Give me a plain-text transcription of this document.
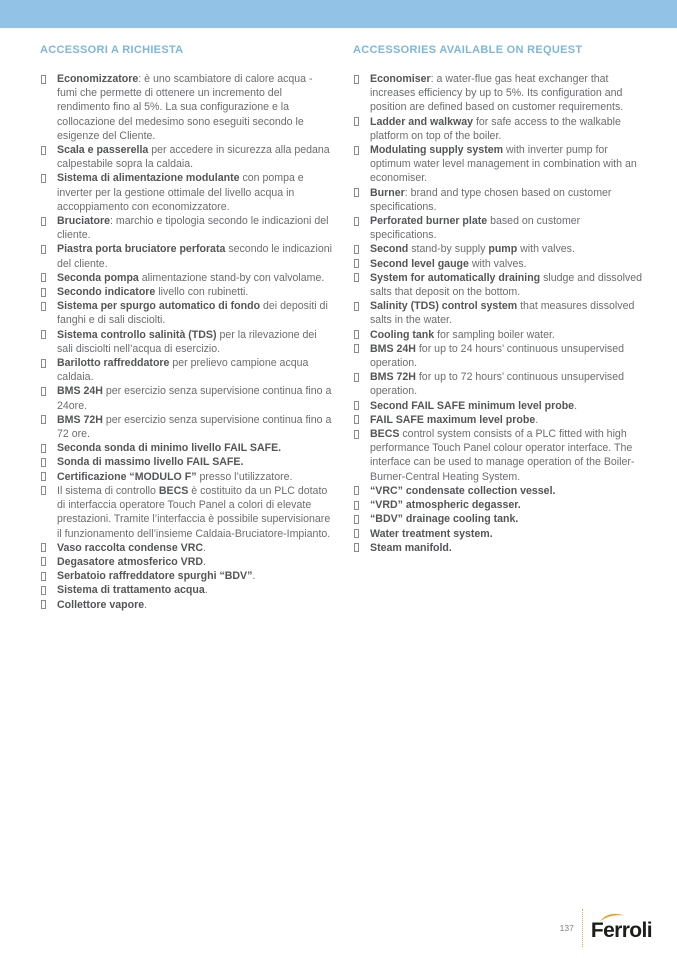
ACCESSORI A RICHIESTA
Economizzatore: è uno scambiatore di calore acqua - fumi che permette di ottenere un incremento del rendimento fino al 5%. La sua configurazione e la collocazione del medesimo sono eseguiti secondo le esigenze del Cliente.
Scala e passerella per accedere in sicurezza alla pedana calpestabile sopra la caldaia.
Sistema di alimentazione modulante con pompa e inverter per la gestione ottimale del livello acqua in accoppiamento con economizzatore.
Bruciatore: marchio e tipologia secondo le indicazioni del cliente.
Piastra porta bruciatore perforata secondo le indicazioni del cliente.
Seconda pompa alimentazione stand-by con valvolame.
Secondo indicatore livello con rubinetti.
Sistema per spurgo automatico di fondo dei depositi di fanghi e di sali disciolti.
Sistema controllo salinità (TDS) per la rilevazione dei sali disciolti nell’acqua di esercizio.
Barilotto raffreddatore per prelievo campione acqua caldaia.
BMS 24H per esercizio senza supervisione continua fino a 24ore.
BMS 72H per esercizio senza supervisione continua fino a 72 ore.
Seconda sonda di minimo livello FAIL SAFE.
Sonda di massimo livello FAIL SAFE.
Certificazione “MODULO F” presso l’utilizzatore.
Il sistema di controllo BECS è costituito da un PLC dotato di interfaccia operatore Touch Panel a colori di elevate prestazioni. Tramite l’interfaccia è possibile supervisionare il funzionamento dell’insieme Caldaia-Bruciatore-Impianto.
Vaso raccolta condense VRC.
Degasatore atmosferico VRD.
Serbatoio raffreddatore spurghi “BDV”.
Sistema di trattamento acqua.
Collettore vapore.
ACCESSORIES AVAILABLE ON REQUEST
Economiser: a water-flue gas heat exchanger that increases efficiency by up to 5%. Its configuration and position are defined based on customer requirements.
Ladder and walkway for safe access to the walkable platform on top of the boiler.
Modulating supply system with inverter pump for optimum water level management in combination with an economiser.
Burner: brand and type chosen based on customer specifications.
Perforated burner plate based on customer specifications.
Second stand-by supply pump with valves.
Second level gauge with valves.
System for automatically draining sludge and dissolved salts that deposit on the bottom.
Salinity (TDS) control system that measures dissolved salts in the water.
Cooling tank for sampling boiler water.
BMS 24H for up to 24 hours’ continuous unsupervised operation.
BMS 72H for up to 72 hours’ continuous unsupervised operation.
Second FAIL SAFE minimum level probe.
FAIL SAFE maximum level probe.
BECS control system consists of a PLC fitted with high performance Touch Panel colour operator interface. The interface can be used to manage operation of the Boiler-Burner-Central Heating System.
“VRC” condensate collection vessel.
“VRD” atmospheric degasser.
“BDV” drainage cooling tank.
Water treatment system.
Steam manifold.
137 Ferroli
